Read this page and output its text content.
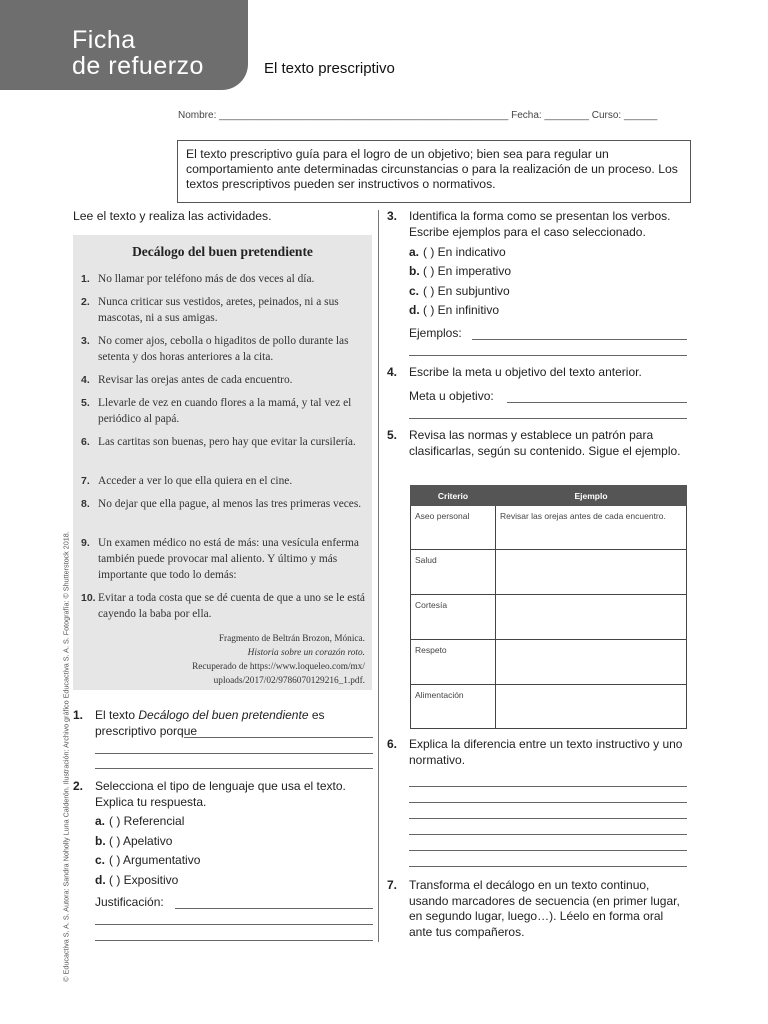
Ficha
de refuerzo	El texto prescriptivo
Nombre: ____________________________________________________ Fecha: ________ Curso: ______
El texto prescriptivo guía para el logro de un objetivo; bien sea para regular un comportamiento ante determinadas circunstancias o para la realización de un proceso. Los textos prescriptivos pueden ser instructivos o normativos.
Lee el texto y realiza las actividades.
Decálogo del buen pretendiente
1. No llamar por teléfono más de dos veces al día.
2. Nunca criticar sus vestidos, aretes, peinados, ni a sus mascotas, ni a sus amigas.
3. No comer ajos, cebolla o higaditos de pollo durante las setenta y dos horas anteriores a la cita.
4. Revisar las orejas antes de cada encuentro.
5. Llevarle de vez en cuando flores a la mamá, y tal vez el periódico al papá.
6. Las cartitas son buenas, pero hay que evitar la cursilería.
7. Acceder a ver lo que ella quiera en el cine.
8. No dejar que ella pague, al menos las tres primeras veces.
9. Un examen médico no está de más: una vesícula enferma también puede provocar mal aliento. Y último y más importante que todo lo demás:
10. Evitar a toda costa que se dé cuenta de que a uno se le está cayendo la baba por ella.
Fragmento de Beltrán Brozon, Mónica.
Historia sobre un corazón roto.
Recuperado de https://www.loqueleo.com/mx/
uploads/2017/02/9786070129216_1.pdf.
© Educactiva S. A. S. Autora: Sandra Noholly Luna Calderón. Ilustración: Archivo gráfico Educactiva S. A. S. Fotografía: © Shutterstock 2018. 1. El texto Decálogo del buen pretendiente es prescriptivo porque
2. Selecciona el tipo de lenguaje que usa el texto. Explica tu respuesta.
a. ( ) Referencial
b. ( ) Apelativo
c. ( ) Argumentativo
d. ( ) Expositivo
Justificación:
3. Identifica la forma como se presentan los verbos. Escribe ejemplos para el caso seleccionado.
a. ( ) En indicativo
b. ( ) En imperativo
c. ( ) En subjuntivo
d. ( ) En infinitivo
Ejemplos:
4. Escribe la meta u objetivo del texto anterior.
Meta u objetivo:
5. Revisa las normas y establece un patrón para clasificarlas, según su contenido. Sigue el ejemplo.
Criterio	Ejemplo
Aseo personal	Revisar las orejas antes de cada encuentro.
Salud	
Cortesía	
Respeto	
Alimentación	
6. Explica la diferencia entre un texto instructivo y uno normativo.
7. Transforma el decálogo en un texto continuo, usando marcadores de secuencia (en primer lugar, en segundo lugar, luego…). Léelo en forma oral ante tus compañeros.
